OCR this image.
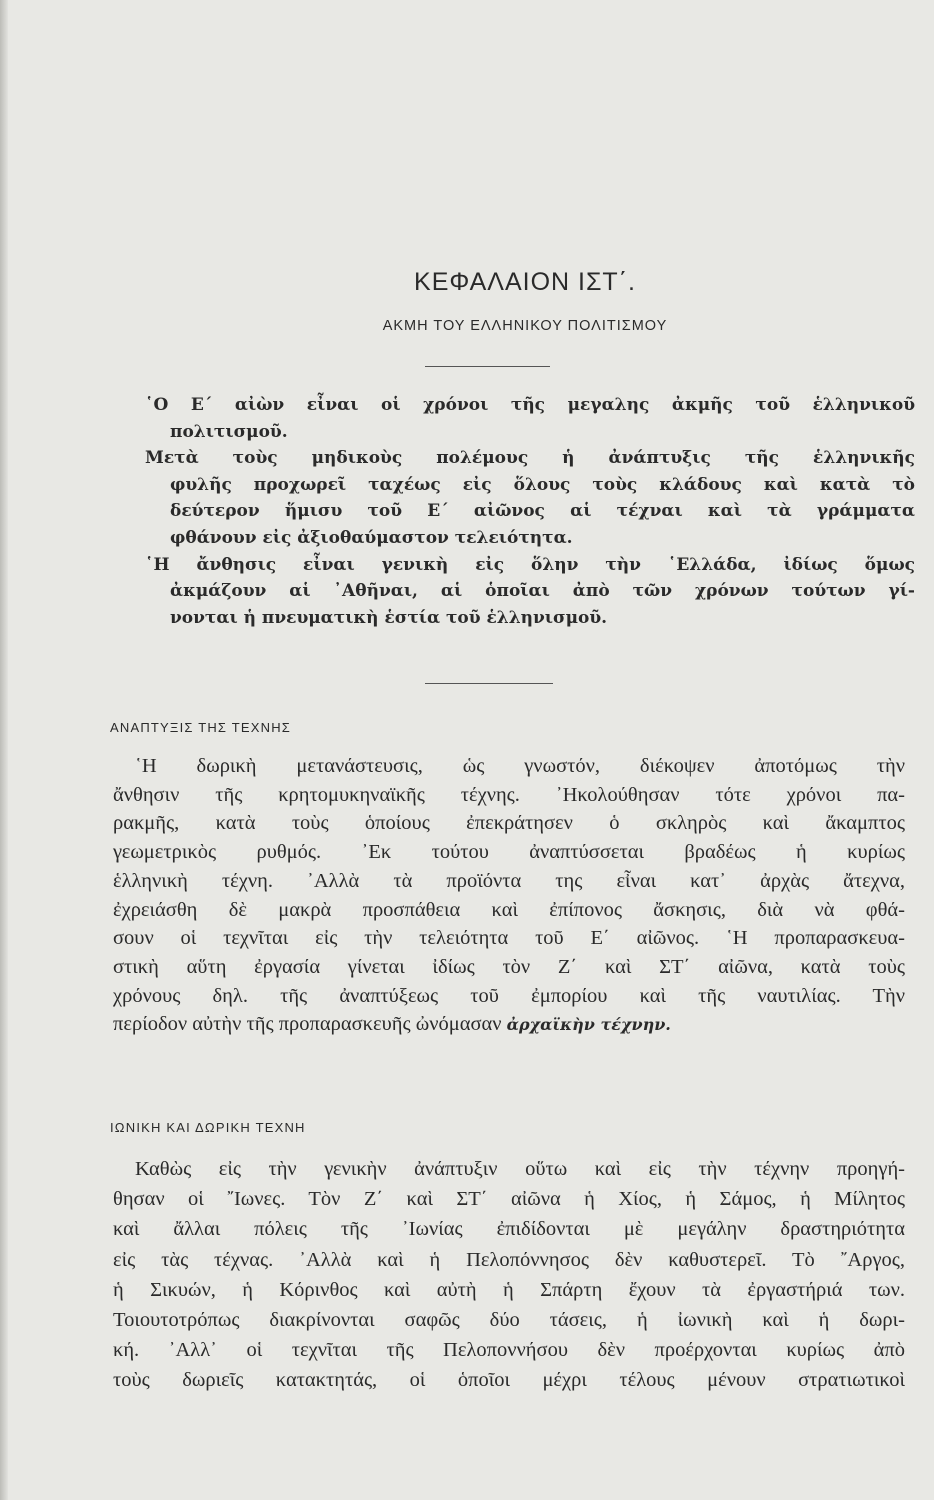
ΚΕΦΑΛΑΙΟΝ ΙΣΤ΄.
ΑΚΜΗ ΤΟΥ ΕΛΛΗΝΙΚΟΥ ΠΟΛΙΤΙΣΜΟΥ
῾Ο Ε΄ αἰὼν εἶναι οἱ χρόνοι τῆς μεγαλης ἀκμῆς τοῦ ἑλληνικοῦ
πολιτισμοῦ.
Μετὰ τοὺς μηδικοὺς πολέμους ἡ ἀνάπτυξις τῆς ἑλληνικῆς
φυλῆς προχωρεῖ ταχέως εἰς ὅλους τοὺς κλάδους καὶ κατὰ τὸ
δεύτερον ἥμισυ τοῦ Ε΄ αἰῶνος αἱ τέχναι καὶ τὰ γράμματα
φθάνουν εἰς ἀξιοθαύμαστον τελειότητα.
῾Η ἄνθησις εἶναι γενικὴ εἰς ὅλην τὴν ῾Ελλάδα, ἰδίως ὅμως
ἀκμάζουν αἱ ᾿Αθῆναι, αἱ ὁποῖαι ἀπὸ τῶν χρόνων τούτων γί-
νονται ἡ πνευματικὴ ἑστία τοῦ ἑλληνισμοῦ.
ΑΝΑΠΤΥΞΙΣ ΤΗΣ ΤΕΧΝΗΣ
῾Η δωρικὴ μετανάστευσις, ὡς γνωστόν, διέκοψεν ἀποτόμως τὴν
ἄνθησιν τῆς κρητομυκηναϊκῆς τέχνης. ᾿Ηκολούθησαν τότε χρόνοι πα-
ρακμῆς, κατὰ τοὺς ὁποίους ἐπεκράτησεν ὁ σκληρὸς καὶ ἄκαμπτος
γεωμετρικὸς ρυθμός. ᾿Εκ τούτου ἀναπτύσσεται βραδέως ἡ κυρίως
ἑλληνικὴ τέχνη. ᾿Αλλὰ τὰ προϊόντα της εἶναι κατ᾿ ἀρχὰς ἄτεχνα,
ἐχρειάσθη δὲ μακρὰ προσπάθεια καὶ ἐπίπονος ἄσκησις, διὰ νὰ φθά-
σουν οἱ τεχνῖται εἰς τὴν τελειότητα τοῦ Ε΄ αἰῶνος. ῾Η προπαρασκευα-
στικὴ αὕτη ἐργασία γίνεται ἰδίως τὸν Ζ΄ καὶ ΣΤ΄ αἰῶνα, κατὰ τοὺς
χρόνους δηλ. τῆς ἀναπτύξεως τοῦ ἐμπορίου καὶ τῆς ναυτιλίας. Τὴν
περίοδον αὐτὴν τῆς προπαρασκευῆς ὠνόμασαν ἀρχαϊκὴν τέχνην.
ΙΩΝΙΚΗ ΚΑΙ ΔΩΡΙΚΗ ΤΕΧΝΗ
Καθὼς εἰς τὴν γενικὴν ἀνάπτυξιν οὕτω καὶ εἰς τὴν τέχνην προηγή-
θησαν οἱ ῎Ιωνες. Τὸν Ζ΄ καὶ ΣΤ΄ αἰῶνα ἡ Χίος, ἡ Σάμος, ἡ Μίλητος
καὶ ἄλλαι πόλεις τῆς ᾿Ιωνίας ἐπιδίδονται μὲ μεγάλην δραστηριότητα
εἰς τὰς τέχνας. ᾿Αλλὰ καὶ ἡ Πελοπόννησος δὲν καθυστερεῖ. Τὸ ῎Αργος,
ἡ Σικυών, ἡ Κόρινθος καὶ αὐτὴ ἡ Σπάρτη ἔχουν τὰ ἐργαστήριά των.
Τοιουτοτρόπως διακρίνονται σαφῶς δύο τάσεις, ἡ ἰωνικὴ καὶ ἡ δωρι-
κή. ᾿Αλλ᾿ οἱ τεχνῖται τῆς Πελοποννήσου δὲν προέρχονται κυρίως ἀπὸ
τοὺς δωριεῖς κατακτητάς, οἱ ὁποῖοι μέχρι τέλους μένουν στρατιωτικοὶ
